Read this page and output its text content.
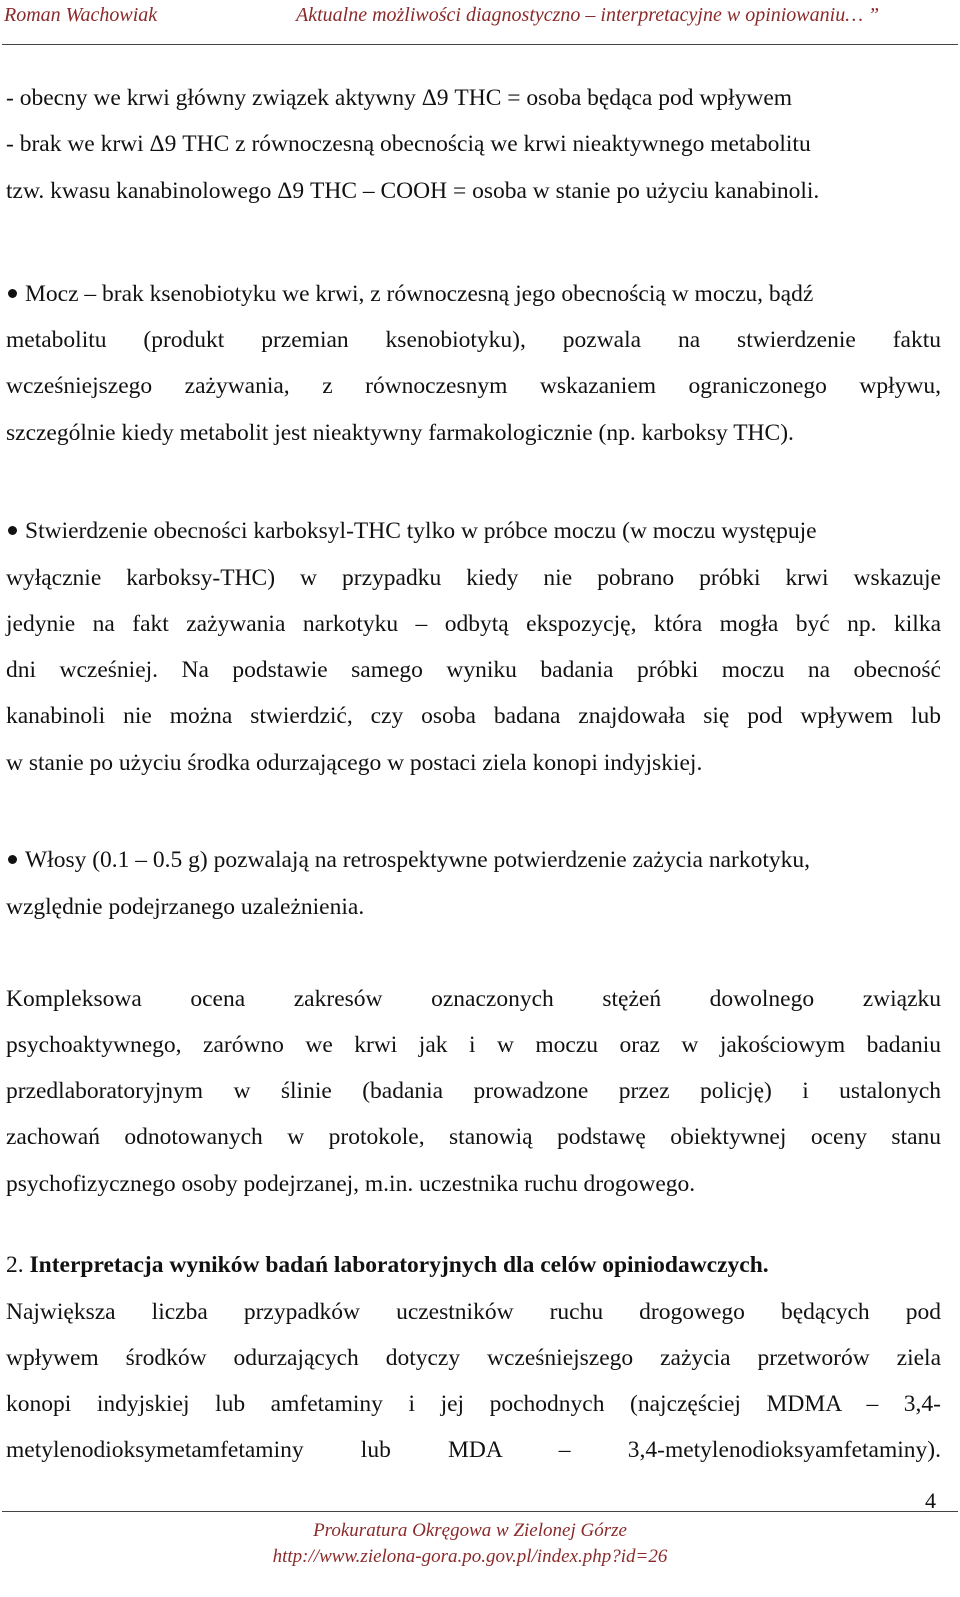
Roman Wachowiak	Aktualne możliwości diagnostyczno – interpretacyjne w opiniowaniu… ”
- obecny we krwi główny związek aktywny Δ9 THC = osoba będąca pod wpływem
- brak we krwi Δ9 THC z równoczesną obecnością we krwi nieaktywnego metabolitu
tzw. kwasu kanabinolowego Δ9 THC – COOH = osoba w stanie po użyciu kanabinoli.
Mocz – brak ksenobiotyku we krwi, z równoczesną jego obecnością w moczu, bądź
metabolitu (produkt przemian ksenobiotyku), pozwala na stwierdzenie faktu
wcześniejszego zażywania, z równoczesnym wskazaniem ograniczonego wpływu,
szczególnie kiedy metabolit jest nieaktywny farmakologicznie (np. karboksy THC).
Stwierdzenie obecności karboksyl-THC tylko w próbce moczu (w moczu występuje
wyłącznie karboksy-THC) w przypadku kiedy nie pobrano próbki krwi wskazuje
jedynie na fakt zażywania narkotyku – odbytą ekspozycję, która mogła być np. kilka
dni wcześniej. Na podstawie samego wyniku badania próbki moczu na obecność
kanabinoli nie można stwierdzić, czy osoba badana znajdowała się pod wpływem lub
w stanie po użyciu środka odurzającego w postaci ziela konopi indyjskiej.
Włosy (0.1 – 0.5 g) pozwalają na retrospektywne potwierdzenie zażycia narkotyku,
względnie podejrzanego uzależnienia.
Kompleksowa ocena zakresów oznaczonych stężeń dowolnego związku
psychoaktywnego, zarówno we krwi jak i w moczu oraz w jakościowym badaniu
przedlaboratoryjnym w ślinie (badania prowadzone przez policję) i ustalonych
zachowań odnotowanych w protokole, stanowią podstawę obiektywnej oceny stanu
psychofizycznego osoby podejrzanej, m.in. uczestnika ruchu drogowego.
2. Interpretacja wyników badań laboratoryjnych dla celów opiniodawczych.
Największa liczba przypadków uczestników ruchu drogowego będących pod
wpływem środków odurzających dotyczy wcześniejszego zażycia przetworów ziela
konopi indyjskiej lub amfetaminy i jej pochodnych (najczęściej MDMA – 3,4-
metylenodioksymetamfetaminy lub MDA – 3,4-metylenodioksyamfetaminy).
4
Prokuratura Okręgowa w Zielonej Górze
http://www.zielona-gora.po.gov.pl/index.php?id=26
